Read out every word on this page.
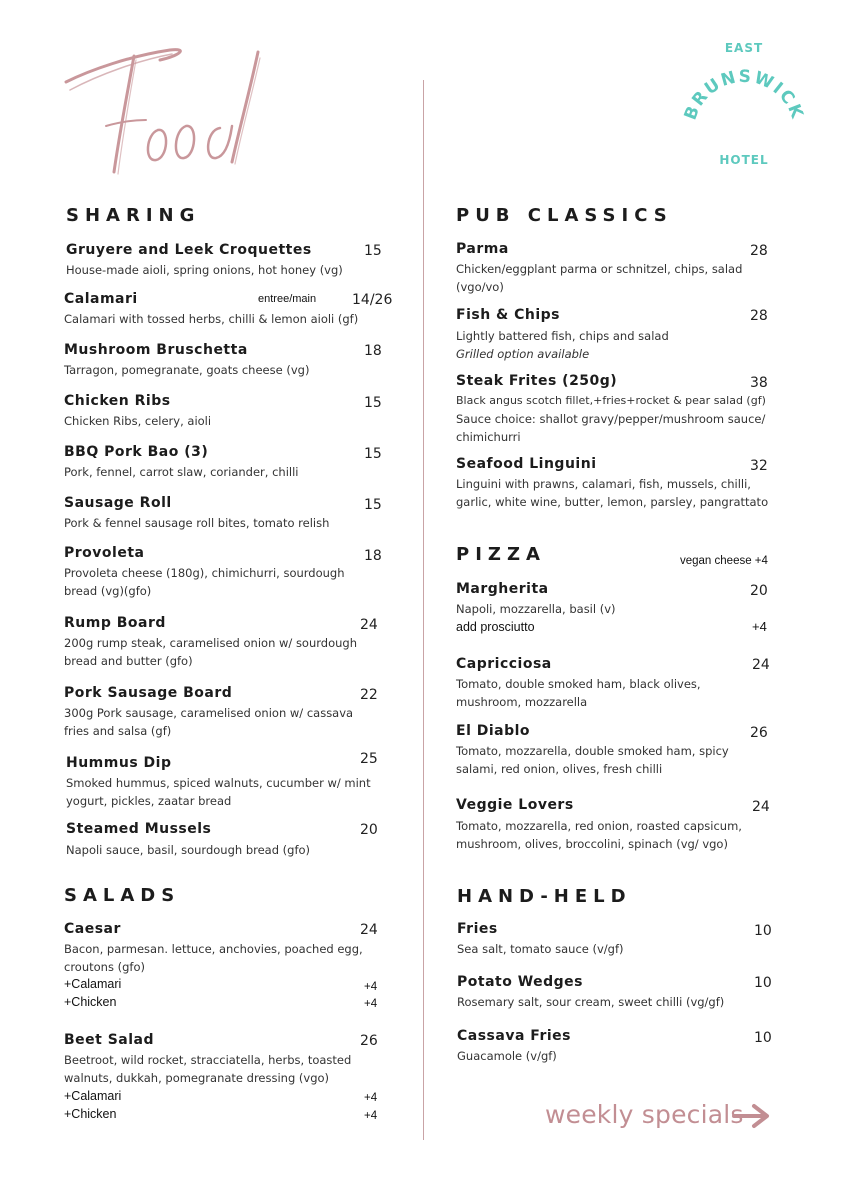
EAST
BRUNSWICK
HOTEL
SHARING
Gruyere and Leek Croquettes	15

House-made aioli, spring onions, hot honey (vg)

Calamari	entree/main	14/26

Calamari with tossed herbs, chilli & lemon aioli (gf)

Mushroom Bruschetta	18

Tarragon, pomegranate, goats cheese (vg)

Chicken Ribs	15

Chicken Ribs, celery, aioli

BBQ Pork Bao (3)	15

Pork, fennel, carrot slaw, coriander, chilli

Sausage Roll	15

Pork & fennel sausage roll bites, tomato relish

Provoleta	18

Provoleta cheese (180g), chimichurri, sourdough

bread (vg)(gfo)

Rump Board	24

200g rump steak, caramelised onion w/ sourdough

bread and butter (gfo)

Pork Sausage Board	22

300g Pork sausage, caramelised onion w/ cassava

fries and salsa (gf)

Hummus Dip	25

Smoked hummus, spiced walnuts, cucumber w/ mint

yogurt, pickles, zaatar bread

Steamed Mussels	20

Napoli sauce, basil, sourdough bread (gfo)

SALADS
Caesar	24

Bacon, parmesan. lettuce, anchovies, poached egg,

croutons (gfo)

+Calamari	+4
+Chicken	+4
Beet Salad	26

Beetroot, wild rocket, stracciatella, herbs, toasted

walnuts, dukkah, pomegranate dressing (vgo)

+Calamari	+4
+Chicken	+4
PUB CLASSICS
Parma	28

Chicken/eggplant parma or schnitzel, chips, salad

(vgo/vo)

Fish & Chips	28

Lightly battered fish, chips and salad

Grilled option available

Steak Frites (250g)	38

Black angus scotch fillet,+fries+rocket & pear salad (gf)

Sauce choice: shallot gravy/pepper/mushroom sauce/

chimichurri

Seafood Linguini	32

Linguini with prawns, calamari, fish, mussels, chilli,

garlic, white wine, butter, lemon, parsley, pangrattato

PIZZA	vegan cheese +4
Margherita	20

Napoli, mozzarella, basil (v)

add prosciutto	+4
Capricciosa	24

Tomato, double smoked ham, black olives,

mushroom, mozzarella

El Diablo	26

Tomato, mozzarella, double smoked ham, spicy

salami, red onion, olives, fresh chilli

Veggie Lovers	24

Tomato, mozzarella, red onion, roasted capsicum,

mushroom, olives, broccolini, spinach (vg/ vgo)

HAND-HELD
Fries	10

Sea salt, tomato sauce (v/gf)

Potato Wedges	10

Rosemary salt, sour cream, sweet chilli (vg/gf)

Cassava Fries	10

Guacamole (v/gf)

weekly specials
